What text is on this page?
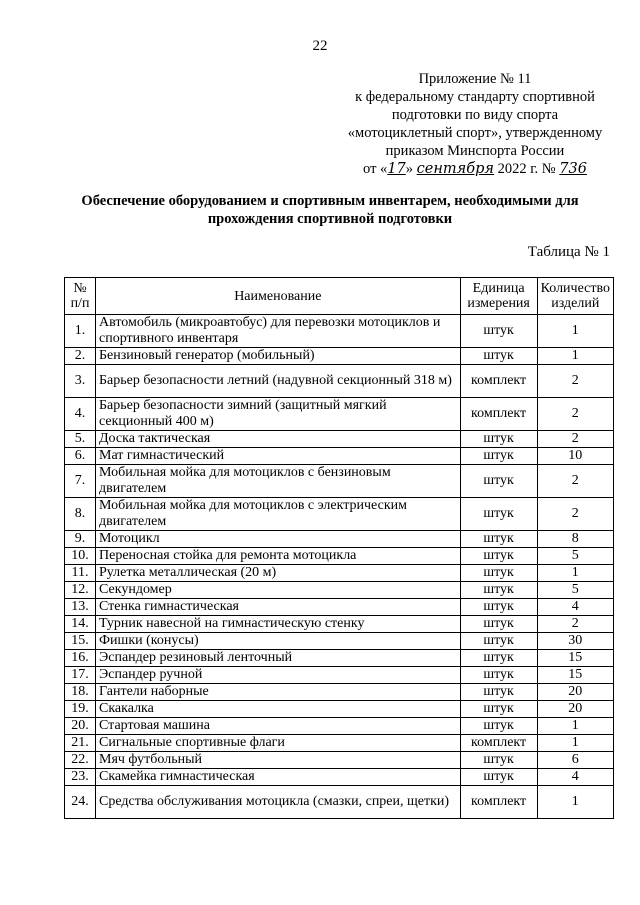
22
Приложение № 11
к федеральному стандарту спортивной
подготовки по виду спорта
«мотоциклетный спорт», утвержденному
приказом Минспорта России
от «17» сентября 2022 г. № 736
Обеспечение оборудованием и спортивным инвентарем, необходимыми для прохождения спортивной подготовки
Таблица № 1
№ п/п	Наименование	Единица измерения	Количество изделий
1.	Автомобиль (микроавтобус) для перевозки мотоциклов и спортивного инвентаря	штук	1
2.	Бензиновый генератор (мобильный)	штук	1
3.	Барьер безопасности летний (надувной секционный 318 м)	комплект	2
4.	Барьер безопасности зимний (защитный мягкий секционный 400 м)	комплект	2
5.	Доска тактическая	штук	2
6.	Мат гимнастический	штук	10
7.	Мобильная мойка для мотоциклов с бензиновым двигателем	штук	2
8.	Мобильная мойка для мотоциклов с электрическим двигателем	штук	2
9.	Мотоцикл	штук	8
10.	Переносная стойка для ремонта мотоцикла	штук	5
11.	Рулетка металлическая (20 м)	штук	1
12.	Секундомер	штук	5
13.	Стенка гимнастическая	штук	4
14.	Турник навесной на гимнастическую стенку	штук	2
15.	Фишки (конусы)	штук	30
16.	Эспандер резиновый ленточный	штук	15
17.	Эспандер ручной	штук	15
18.	Гантели наборные	штук	20
19.	Скакалка	штук	20
20.	Стартовая машина	штук	1
21.	Сигнальные спортивные флаги	комплект	1
22.	Мяч футбольный	штук	6
23.	Скамейка гимнастическая	штук	4
24.	Средства обслуживания мотоцикла (смазки, спреи, щетки)	комплект	1
